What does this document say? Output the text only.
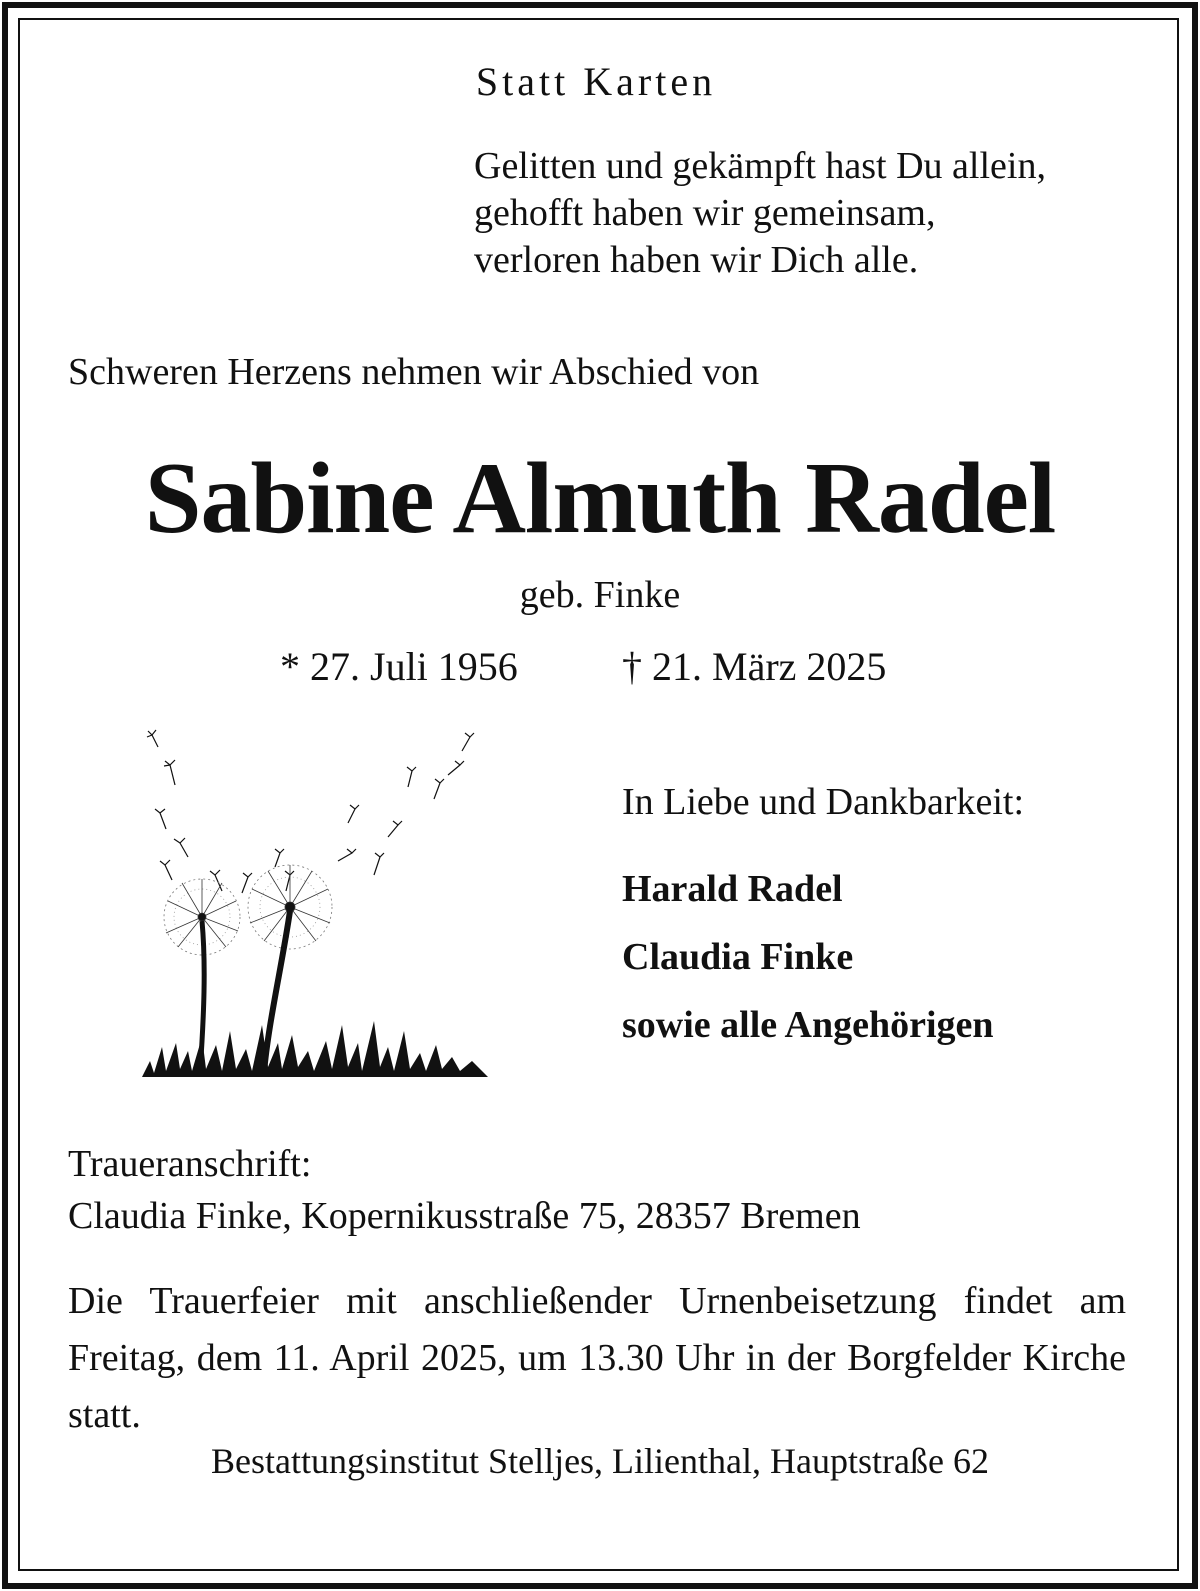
Statt Karten

Gelitten und gekämpft hast Du allein,
gehofft haben wir gemeinsam,
verloren haben wir Dich alle.

Schweren Herzens nehmen wir Abschied von

Sabine Almuth Radel

geb. Finke

* 27. Juli 1956	† 21. März 2025

In Liebe und Dankbarkeit:

Harald Radel
Claudia Finke
sowie alle Angehörigen
Traueranschrift:
Claudia Finke, Kopernikusstraße 75, 28357 Bremen

Die Trauerfeier mit anschließender Urnenbeisetzung findet am Freitag, dem 11. April 2025, um 13.30 Uhr in der Borgfelder Kirche statt.

Bestattungsinstitut Stelljes, Lilienthal, Hauptstraße 62
